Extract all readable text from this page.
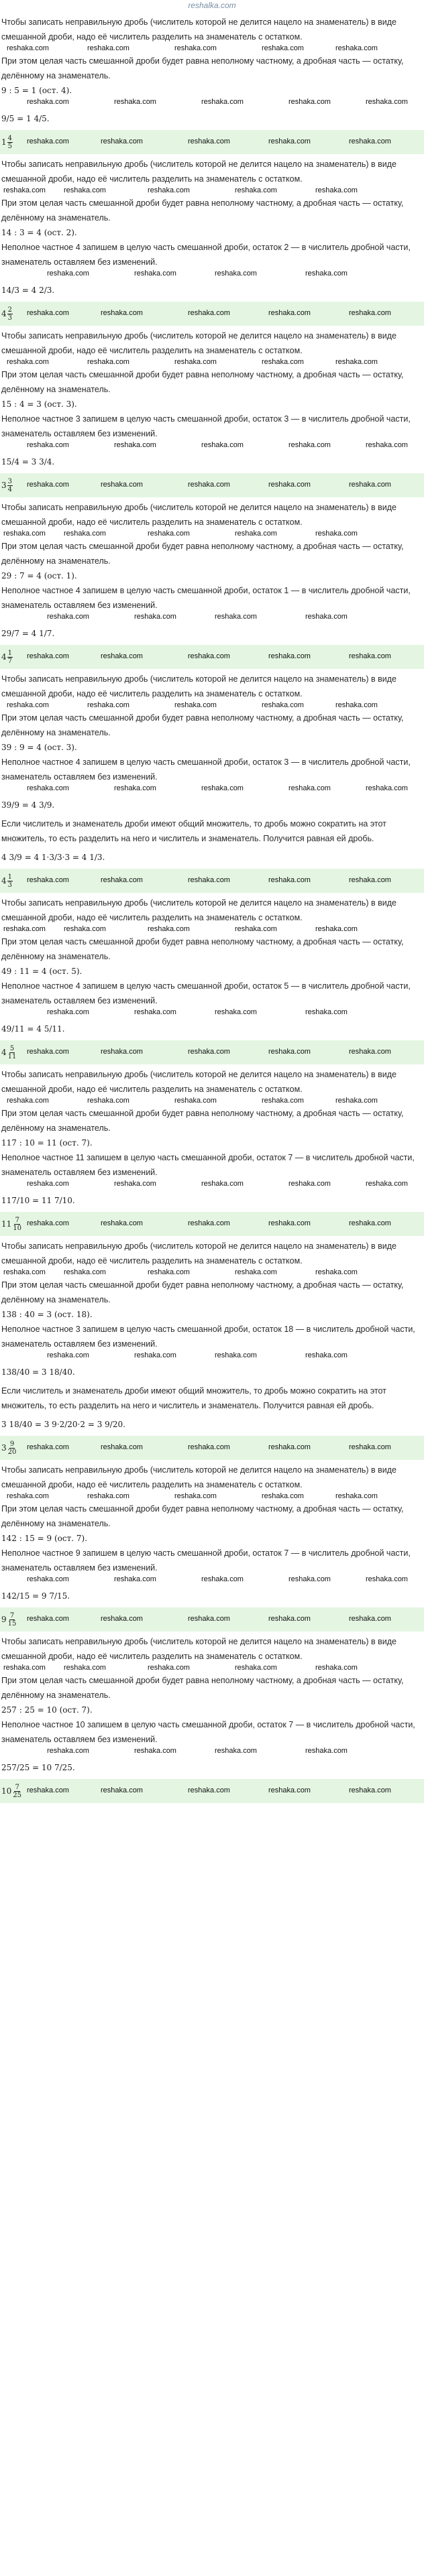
reshalka.com

Чтобы записать неправильную дробь (числитель которой не делится нацело на знаменатель) в виде смешанной дроби, надо её числитель разделить на знаменатель с остатком.

reshaka.com	reshaka.com	reshaka.com	reshaka.com	reshaka.com

При этом целая часть смешанной дроби будет равна неполному частному, а дробная часть — остатку, делённому на знаменатель.

9 : 5 = 1 (ост. 4).
reshaka.com	reshaka.com	reshaka.com	reshaka.com	reshaka.com
9/5 = 1 4/5.
$1 \frac{4}{5}$ reshaka.com	reshaka.com	reshaka.com	reshaka.com	reshaka.com

Чтобы записать неправильную дробь (числитель которой не делится нацело на знаменатель) в виде смешанной дроби, надо её числитель разделить на знаменатель с остатком.

reshaka.com reshaka.com	reshaka.com	reshaka.com	reshaka.com

При этом целая часть смешанной дроби будет равна неполному частному, а дробная часть — остатку, делённому на знаменатель.

14 : 3 = 4 (ост. 2).

Неполное частное 4 запишем в целую часть смешанной дроби, остаток 2 — в числитель дробной части, знаменатель оставляем без изменений.

reshaka.com	reshaka.com	reshaka.com	reshaka.com
14/3 = 4 2/3.
$4 \frac{2}{3}$ reshaka.com	reshaka.com	reshaka.com	reshaka.com	reshaka.com

Чтобы записать неправильную дробь (числитель которой не делится нацело на знаменатель) в виде смешанной дроби, надо её числитель разделить на знаменатель с остатком.

reshaka.com	reshaka.com	reshaka.com	reshaka.com	reshaka.com

При этом целая часть смешанной дроби будет равна неполному частному, а дробная часть — остатку, делённому на знаменатель.

15 : 4 = 3 (ост. 3).

Неполное частное 3 запишем в целую часть смешанной дроби, остаток 3 — в числитель дробной части, знаменатель оставляем без изменений.

reshaka.com	reshaka.com	reshaka.com	reshaka.com	reshaka.com
15/4 = 3 3/4.
$3 \frac{3}{4}$ reshaka.com	reshaka.com	reshaka.com	reshaka.com	reshaka.com

Чтобы записать неправильную дробь (числитель которой не делится нацело на знаменатель) в виде смешанной дроби, надо её числитель разделить на знаменатель с остатком.

reshaka.com reshaka.com	reshaka.com	reshaka.com	reshaka.com

При этом целая часть смешанной дроби будет равна неполному частному, а дробная часть — остатку, делённому на знаменатель.

29 : 7 = 4 (ост. 1).

Неполное частное 4 запишем в целую часть смешанной дроби, остаток 1 — в числитель дробной части, знаменатель оставляем без изменений.

reshaka.com	reshaka.com	reshaka.com	reshaka.com
29/7 = 4 1/7.
$4 \frac{1}{7}$ reshaka.com	reshaka.com	reshaka.com	reshaka.com	reshaka.com

Чтобы записать неправильную дробь (числитель которой не делится нацело на знаменатель) в виде смешанной дроби, надо её числитель разделить на знаменатель с остатком.

reshaka.com	reshaka.com	reshaka.com	reshaka.com	reshaka.com

При этом целая часть смешанной дроби будет равна неполному частному, а дробная часть — остатку, делённому на знаменатель.

39 : 9 = 4 (ост. 3).

Неполное частное 4 запишем в целую часть смешанной дроби, остаток 3 — в числитель дробной части, знаменатель оставляем без изменений.

reshaka.com	reshaka.com	reshaka.com	reshaka.com	reshaka.com
39/9 = 4 3/9.

Если числитель и знаменатель дроби имеют общий множитель, то дробь можно сократить на этот множитель, то есть разделить на него и числитель и знаменатель. Получится равная ей дробь.

4 3/9 = 4 1·3/3·3 = 4 1/3.
$4 \frac{1}{3}$ reshaka.com	reshaka.com	reshaka.com	reshaka.com	reshaka.com

Чтобы записать неправильную дробь (числитель которой не делится нацело на знаменатель) в виде смешанной дроби, надо её числитель разделить на знаменатель с остатком.

reshaka.com reshaka.com	reshaka.com	reshaka.com	reshaka.com

При этом целая часть смешанной дроби будет равна неполному частному, а дробная часть — остатку, делённому на знаменатель.

49 : 11 = 4 (ост. 5).

Неполное частное 4 запишем в целую часть смешанной дроби, остаток 5 — в числитель дробной части, знаменатель оставляем без изменений.

reshaka.com	reshaka.com	reshaka.com	reshaka.com
49/11 = 4 5/11.
$4 \frac{5}{11}$ reshaka.com	reshaka.com	reshaka.com	reshaka.com	reshaka.com

Чтобы записать неправильную дробь (числитель которой не делится нацело на знаменатель) в виде смешанной дроби, надо её числитель разделить на знаменатель с остатком.

reshaka.com	reshaka.com	reshaka.com	reshaka.com	reshaka.com

При этом целая часть смешанной дроби будет равна неполному частному, а дробная часть — остатку, делённому на знаменатель.

117 : 10 = 11 (ост. 7).

Неполное частное 11 запишем в целую часть смешанной дроби, остаток 7 — в числитель дробной части, знаменатель оставляем без изменений.

reshaka.com	reshaka.com	reshaka.com	reshaka.com	reshaka.com
117/10 = 11 7/10.
$11 \frac{7}{10}$ reshaka.com	reshaka.com	reshaka.com	reshaka.com	reshaka.com

Чтобы записать неправильную дробь (числитель которой не делится нацело на знаменатель) в виде смешанной дроби, надо её числитель разделить на знаменатель с остатком.

reshaka.com reshaka.com	reshaka.com	reshaka.com	reshaka.com

При этом целая часть смешанной дроби будет равна неполному частному, а дробная часть — остатку, делённому на знаменатель.

138 : 40 = 3 (ост. 18).

Неполное частное 3 запишем в целую часть смешанной дроби, остаток 18 — в числитель дробной части, знаменатель оставляем без изменений.

reshaka.com	reshaka.com	reshaka.com	reshaka.com
138/40 = 3 18/40.

Если числитель и знаменатель дроби имеют общий множитель, то дробь можно сократить на этот множитель, то есть разделить на него и числитель и знаменатель. Получится равная ей дробь.

3 18/40 = 3 9·2/20·2 = 3 9/20.
$3 \frac{9}{20}$ reshaka.com	reshaka.com	reshaka.com	reshaka.com	reshaka.com

Чтобы записать неправильную дробь (числитель которой не делится нацело на знаменатель) в виде смешанной дроби, надо её числитель разделить на знаменатель с остатком.

reshaka.com	reshaka.com	reshaka.com	reshaka.com	reshaka.com

При этом целая часть смешанной дроби будет равна неполному частному, а дробная часть — остатку, делённому на знаменатель.

142 : 15 = 9 (ост. 7).

Неполное частное 9 запишем в целую часть смешанной дроби, остаток 7 — в числитель дробной части, знаменатель оставляем без изменений.

reshaka.com	reshaka.com	reshaka.com	reshaka.com	reshaka.com
142/15 = 9 7/15.
$9 \frac{7}{15}$ reshaka.com	reshaka.com	reshaka.com	reshaka.com	reshaka.com

Чтобы записать неправильную дробь (числитель которой не делится нацело на знаменатель) в виде смешанной дроби, надо её числитель разделить на знаменатель с остатком.

reshaka.com reshaka.com	reshaka.com	reshaka.com	reshaka.com

При этом целая часть смешанной дроби будет равна неполному частному, а дробная часть — остатку, делённому на знаменатель.

257 : 25 = 10 (ост. 7).

Неполное частное 10 запишем в целую часть смешанной дроби, остаток 7 — в числитель дробной части, знаменатель оставляем без изменений.

reshaka.com	reshaka.com	reshaka.com	reshaka.com
257/25 = 10 7/25.
$10 \frac{7}{25}$ reshaka.com	reshaka.com	reshaka.com	reshaka.com	reshaka.com
